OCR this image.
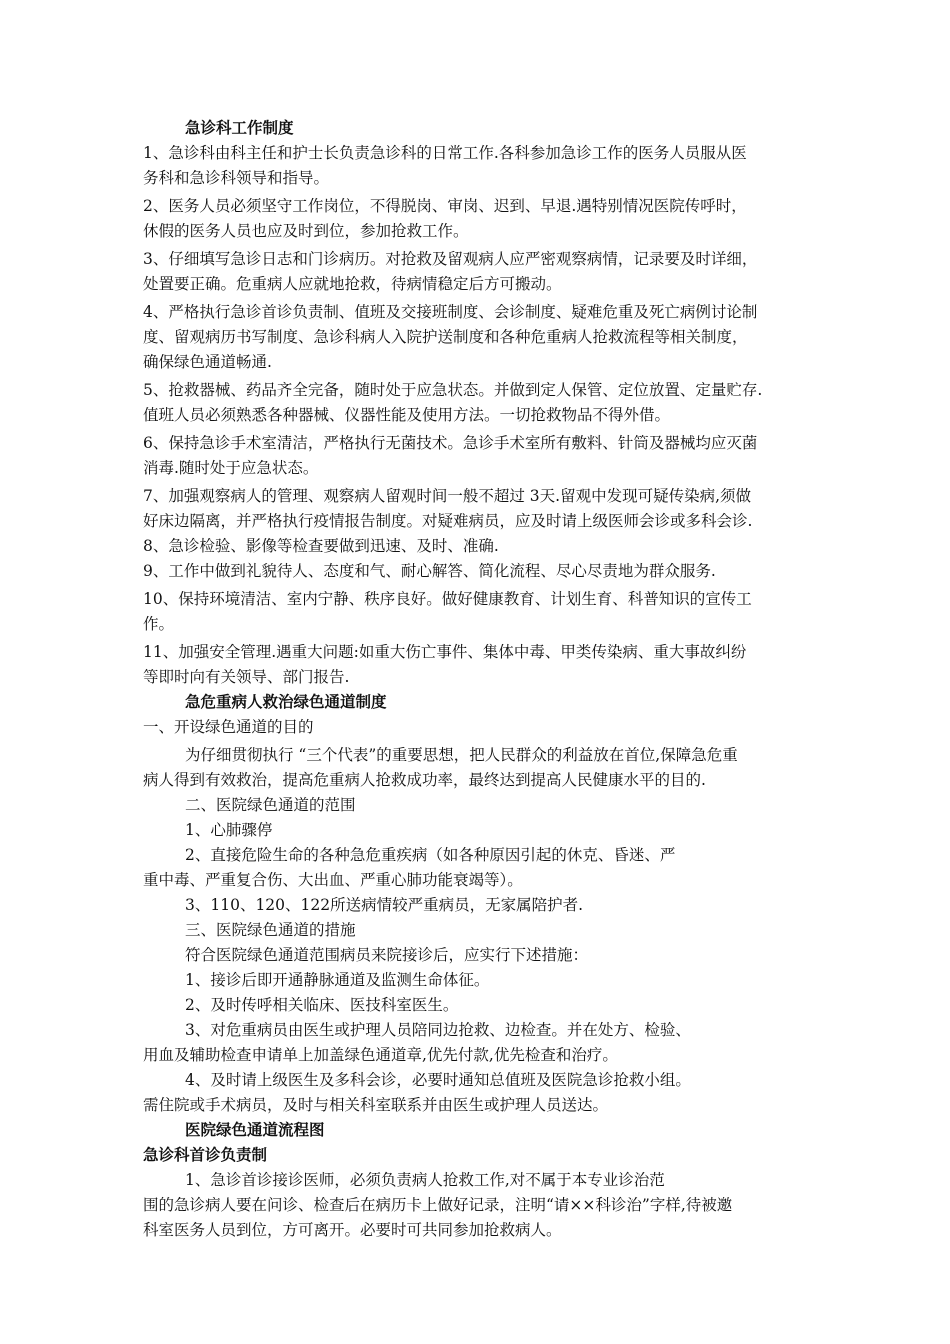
急诊科工作制度
1、急诊科由科主任和护士长负责急诊科的日常工作.各科参加急诊工作的医务人员服从医
务科和急诊科领导和指导。
2、医务人员必须坚守工作岗位，不得脱岗、审岗、迟到、早退.遇特别情况医院传呼时，
休假的医务人员也应及时到位，参加抢救工作。
3、仔细填写急诊日志和门诊病历。对抢救及留观病人应严密观察病情，记录要及时详细，
处置要正确。危重病人应就地抢救，待病情稳定后方可搬动。
4、严格执行急诊首诊负责制、值班及交接班制度、会诊制度、疑难危重及死亡病例讨论制
度、留观病历书写制度、急诊科病人入院护送制度和各种危重病人抢救流程等相关制度，
确保绿色通道畅通.
5、抢救器械、药品齐全完备，随时处于应急状态。并做到定人保管、定位放置、定量贮存.
值班人员必须熟悉各种器械、仪器性能及使用方法。一切抢救物品不得外借。
6、保持急诊手术室清洁，严格执行无菌技术。急诊手术室所有敷料、针筒及器械均应灭菌
消毒.随时处于应急状态。
7、加强观察病人的管理、观察病人留观时间一般不超过 3天.留观中发现可疑传染病,须做
好床边隔离，并严格执行疫情报告制度。对疑难病员，应及时请上级医师会诊或多科会诊.
8、急诊检验、影像等检查要做到迅速、及时、准确.
9、工作中做到礼貌待人、态度和气、耐心解答、简化流程、尽心尽责地为群众服务.
10、保持环境清洁、室内宁静、秩序良好。做好健康教育、计划生育、科普知识的宣传工
作。
11、加强安全管理.遇重大问题:如重大伤亡事件、集体中毒、甲类传染病、重大事故纠纷
等即时向有关领导、部门报告.
急危重病人救治绿色通道制度
一、开设绿色通道的目的
为仔细贯彻执行 “三个代表”的重要思想，把人民群众的利益放在首位,保障急危重
病人得到有效救治，提高危重病人抢救成功率，最终达到提高人民健康水平的目的.
二、医院绿色通道的范围
1、心肺骤停
2、直接危险生命的各种急危重疾病（如各种原因引起的休克、昏迷、严
重中毒、严重复合伤、大出血、严重心肺功能衰竭等）。
3、110、120、122所送病情较严重病员，无家属陪护者.
三、医院绿色通道的措施
符合医院绿色通道范围病员来院接诊后，应实行下述措施：
1、接诊后即开通静脉通道及监测生命体征。
2、及时传呼相关临床、医技科室医生。
3、对危重病员由医生或护理人员陪同边抢救、边检查。并在处方、检验、
用血及辅助检查申请单上加盖绿色通道章,优先付款,优先检查和治疗。
4、及时请上级医生及多科会诊，必要时通知总值班及医院急诊抢救小组。
需住院或手术病员，及时与相关科室联系并由医生或护理人员送达。
医院绿色通道流程图
急诊科首诊负责制
1、急诊首诊接诊医师，必须负责病人抢救工作,对不属于本专业诊治范
围的急诊病人要在问诊、检查后在病历卡上做好记录，注明“请××科诊治”字样,待被邀
科室医务人员到位，方可离开。必要时可共同参加抢救病人。
